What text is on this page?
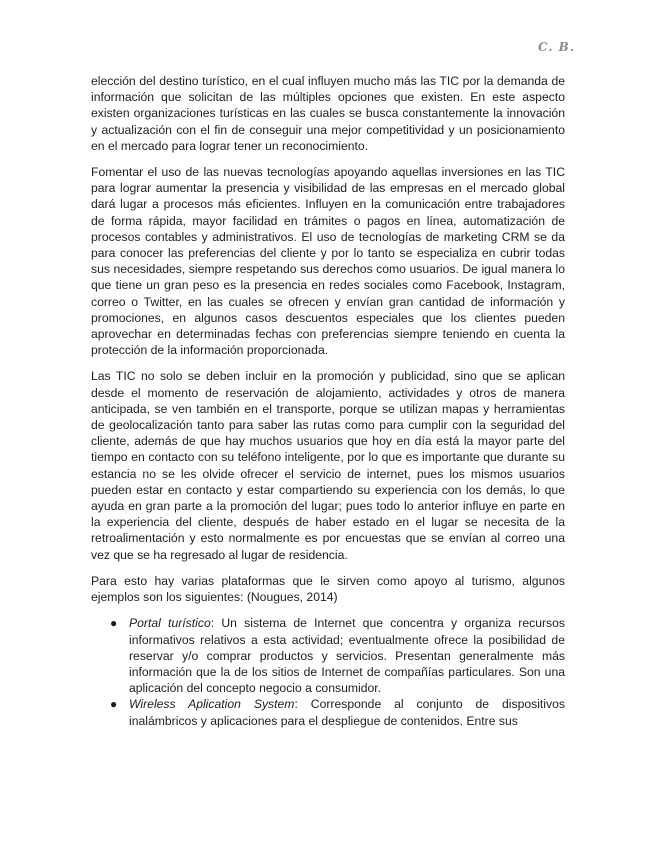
C. B.

elección del destino turístico, en el cual influyen mucho más las TIC por la demanda de información que solicitan de las múltiples opciones que existen. En este aspecto existen organizaciones turísticas en las cuales se busca constantemente la innovación y actualización con el fin de conseguir una mejor competitividad y un posicionamiento en el mercado para lograr tener un reconocimiento.

Fomentar el uso de las nuevas tecnologías apoyando aquellas inversiones en las TIC para lograr aumentar la presencia y visibilidad de las empresas en el mercado global dará lugar a procesos más eficientes. Influyen en la comunicación entre trabajadores de forma rápida, mayor facilidad en trámites o pagos en línea, automatización de procesos contables y administrativos. El uso de tecnologías de marketing CRM se da para conocer las preferencias del cliente y por lo tanto se especializa en cubrir todas sus necesidades, siempre respetando sus derechos como usuarios. De igual manera lo que tiene un gran peso es la presencia en redes sociales como Facebook, Instagram, correo o Twitter, en las cuales se ofrecen y envían gran cantidad de información y promociones, en algunos casos descuentos especiales que los clientes pueden aprovechar en determinadas fechas con preferencias siempre teniendo en cuenta la protección de la información proporcionada.

Las TIC no solo se deben incluir en la promoción y publicidad, sino que se aplican desde el momento de reservación de alojamiento, actividades y otros de manera anticipada, se ven también en el transporte, porque se utilizan mapas y herramientas de geolocalización tanto para saber las rutas como para cumplir con la seguridad del cliente, además de que hay muchos usuarios que hoy en día está la mayor parte del tiempo en contacto con su teléfono inteligente, por lo que es importante que durante su estancia no se les olvide ofrecer el servicio de internet, pues los mismos usuarios pueden estar en contacto y estar compartiendo su experiencia con los demás, lo que ayuda en gran parte a la promoción del lugar; pues todo lo anterior influye en parte en la experiencia del cliente, después de haber estado en el lugar se necesita de la retroalimentación y esto normalmente es por encuestas que se envían al correo una vez que se ha regresado al lugar de residencia.

Para esto hay varias plataformas que le sirven como apoyo al turismo, algunos ejemplos son los siguientes: (Nougues, 2014)

● Portal turístico: Un sistema de Internet que concentra y organiza recursos informativos relativos a esta actividad; eventualmente ofrece la posibilidad de reservar y/o comprar productos y servicios. Presentan generalmente más información que la de los sitios de Internet de compañías particulares. Son una aplicación del concepto negocio a consumidor.
● Wireless Aplication System: Corresponde al conjunto de dispositivos inalámbricos y aplicaciones para el despliegue de contenidos. Entre sus
